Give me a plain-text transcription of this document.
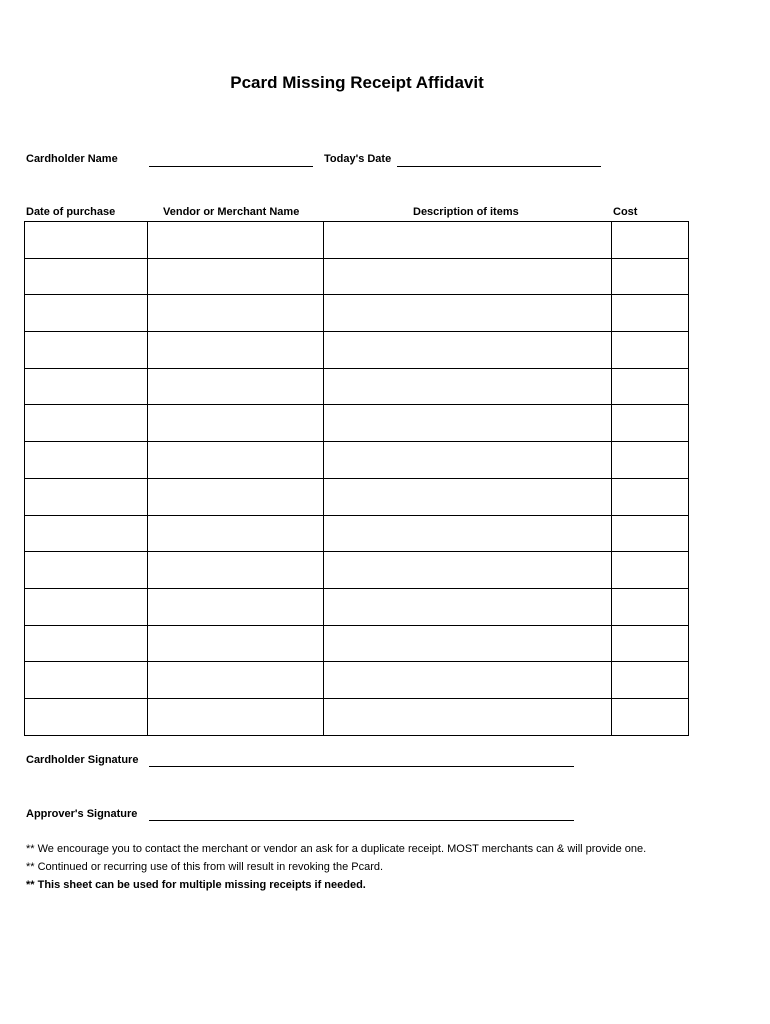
Pcard Missing Receipt Affidavit
Cardholder Name	Today's Date
Date of purchase	Vendor or Merchant Name	Description of items	Cost

Cardholder Signature
Approver's Signature
** We encourage you to contact the merchant or vendor an ask for a duplicate receipt. MOST merchants can & will provide one.
** Continued or recurring use of this from will result in revoking the Pcard.
** This sheet can be used for multiple missing receipts if needed.
